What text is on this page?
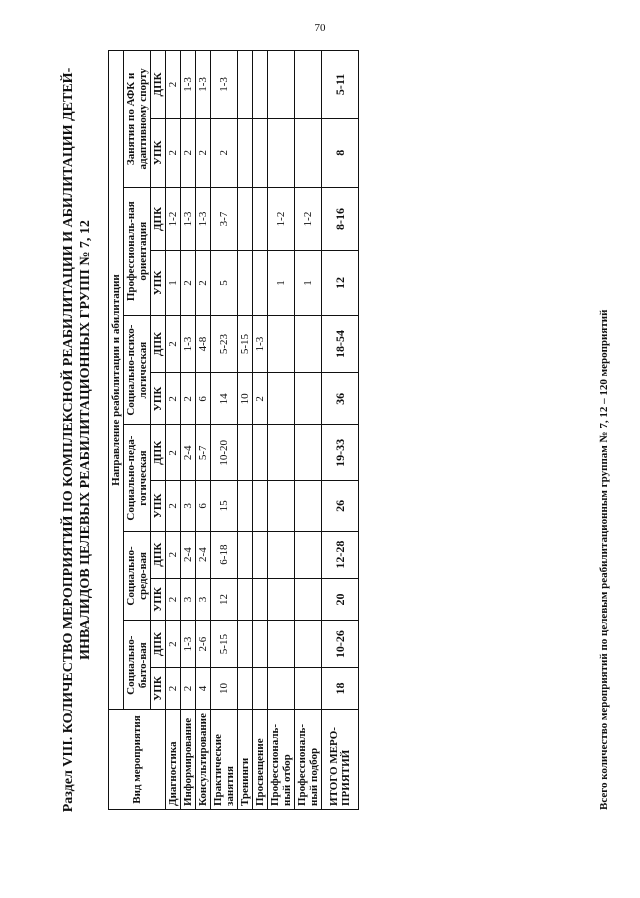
70
Раздел VIII. КОЛИЧЕСТВО МЕРОПРИЯТИЙ ПО КОМПЛЕКСНОЙ РЕАБИЛИТАЦИИ И АБИЛИТАЦИИ ДЕТЕЙ- ИНВАЛИДОВ ЦЕЛЕВЫХ РЕАБИЛИТАЦИОННЫХ ГРУПП № 7, 12
Вид мероприятия	Направление реабилитации и абилитации											
	Социально-быто-вая		Социально-средо-вая		Социально-педа-гогическая		Социально-психо-логическая		Профессиональ-ная ориентация		Занятия по АФК и адаптивному спорту	
	УПК	ДПК	УПК	ДПК	УПК	ДПК	УПК	ДПК	УПК	ДПК	УПК	ДПК
Диагностика	2	2	2	2	2	2	2	2	1	1-2	2	2
Информирование	2	1-3	3	2-4	3	2-4	2	1-3	2	1-3	2	1-3
Консультирование	4	2-6	3	2-4	6	5-7	6	4-8	2	1-3	2	1-3
Практические занятия	10	5-15	12	6-18	15	10-20	14	5-23	5	3-7	2	1-3
Тренинги							10	5-15				
Просвещение							2	1-3				
Профессиональ-ный отбор									1	1-2		
Профессиональ-ный подбор									1	1-2		
ИТОГО МЕРО-ПРИЯТИЙ	18	10-26	20	12-28	26	19-33	36	18-54	12	8-16	8	5-11
Всего количество мероприятий по целевым реабилитационным группам № 7, 12 – 120 мероприятий
